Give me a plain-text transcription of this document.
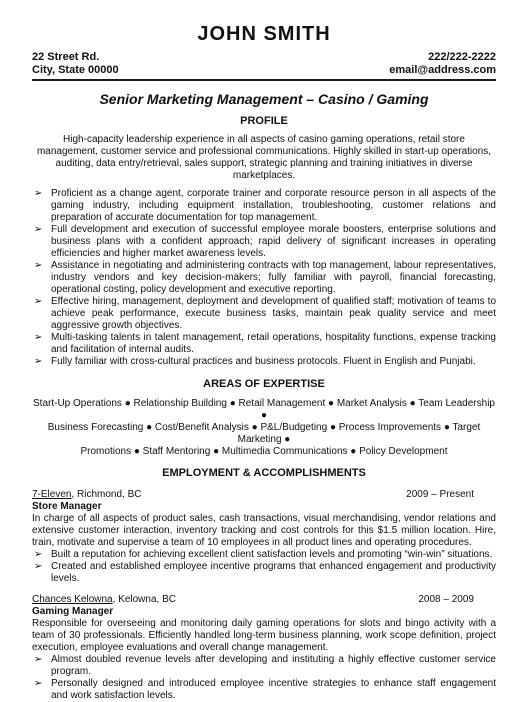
JOHN SMITH
22 Street Rd.	222/222-2222
City, State 00000	email@address.com
Senior Marketing Management – Casino / Gaming
PROFILE
High-capacity leadership experience in all aspects of casino gaming operations, retail store management, customer service and professional communications. Highly skilled in start-up operations, auditing, data entry/retrieval, sales support, strategic planning and training initiatives in diverse marketplaces.
➢ Proficient as a change agent, corporate trainer and corporate resource person in all aspects of the gaming industry, including equipment installation, troubleshooting, customer relations and preparation of accurate documentation for top management.
➢ Full development and execution of successful employee morale boosters, enterprise solutions and business plans with a confident approach; rapid delivery of significant increases in operating efficiencies and higher market awareness levels.
➢ Assistance in negotiating and administering contracts with top management, labour representatives, industry vendors and key decision-makers; fully familiar with payroll, financial forecasting, operational costing, policy development and executive reporting.
➢ Effective hiring, management, deployment and development of qualified staff; motivation of teams to achieve peak performance, execute business tasks, maintain peak quality service and meet aggressive growth objectives.
➢ Multi-tasking talents in talent management, retail operations, hospitality functions, expense tracking and facilitation of internal audits.
➢ Fully familiar with cross-cultural practices and business protocols. Fluent in English and Punjabi.
AREAS OF EXPERTISE
Start-Up Operations ● Relationship Building ● Retail Management ● Market Analysis ● Team Leadership ●
Business Forecasting ● Cost/Benefit Analysis ● P&L/Budgeting ● Process Improvements ● Target Marketing ●
Promotions ● Staff Mentoring ● Multimedia Communications ● Policy Development
EMPLOYMENT & ACCOMPLISHMENTS
7-Eleven, Richmond, BC	2009 – Present
Store Manager
In charge of all aspects of product sales, cash transactions, visual merchandising, vendor relations and extensive customer interaction, inventory tracking and cost controls for this $1.5 million location. Hire, train, motivate and supervise a team of 10 employees in all product lines and operating procedures.
➢ Built a reputation for achieving excellent client satisfaction levels and promoting “win-win” situations.
➢ Created and established employee incentive programs that enhanced engagement and productivity levels.
Chances Kelowna, Kelowna, BC	2008 – 2009
Gaming Manager
Responsible for overseeing and monitoring daily gaming operations for slots and bingo activity with a team of 30 professionals. Efficiently handled long-term business planning, work scope definition, project execution, employee evaluations and overall change management.
➢ Almost doubled revenue levels after developing and instituting a highly effective customer service program.
➢ Personally designed and introduced employee incentive strategies to enhance staff engagement and work satisfaction levels.
